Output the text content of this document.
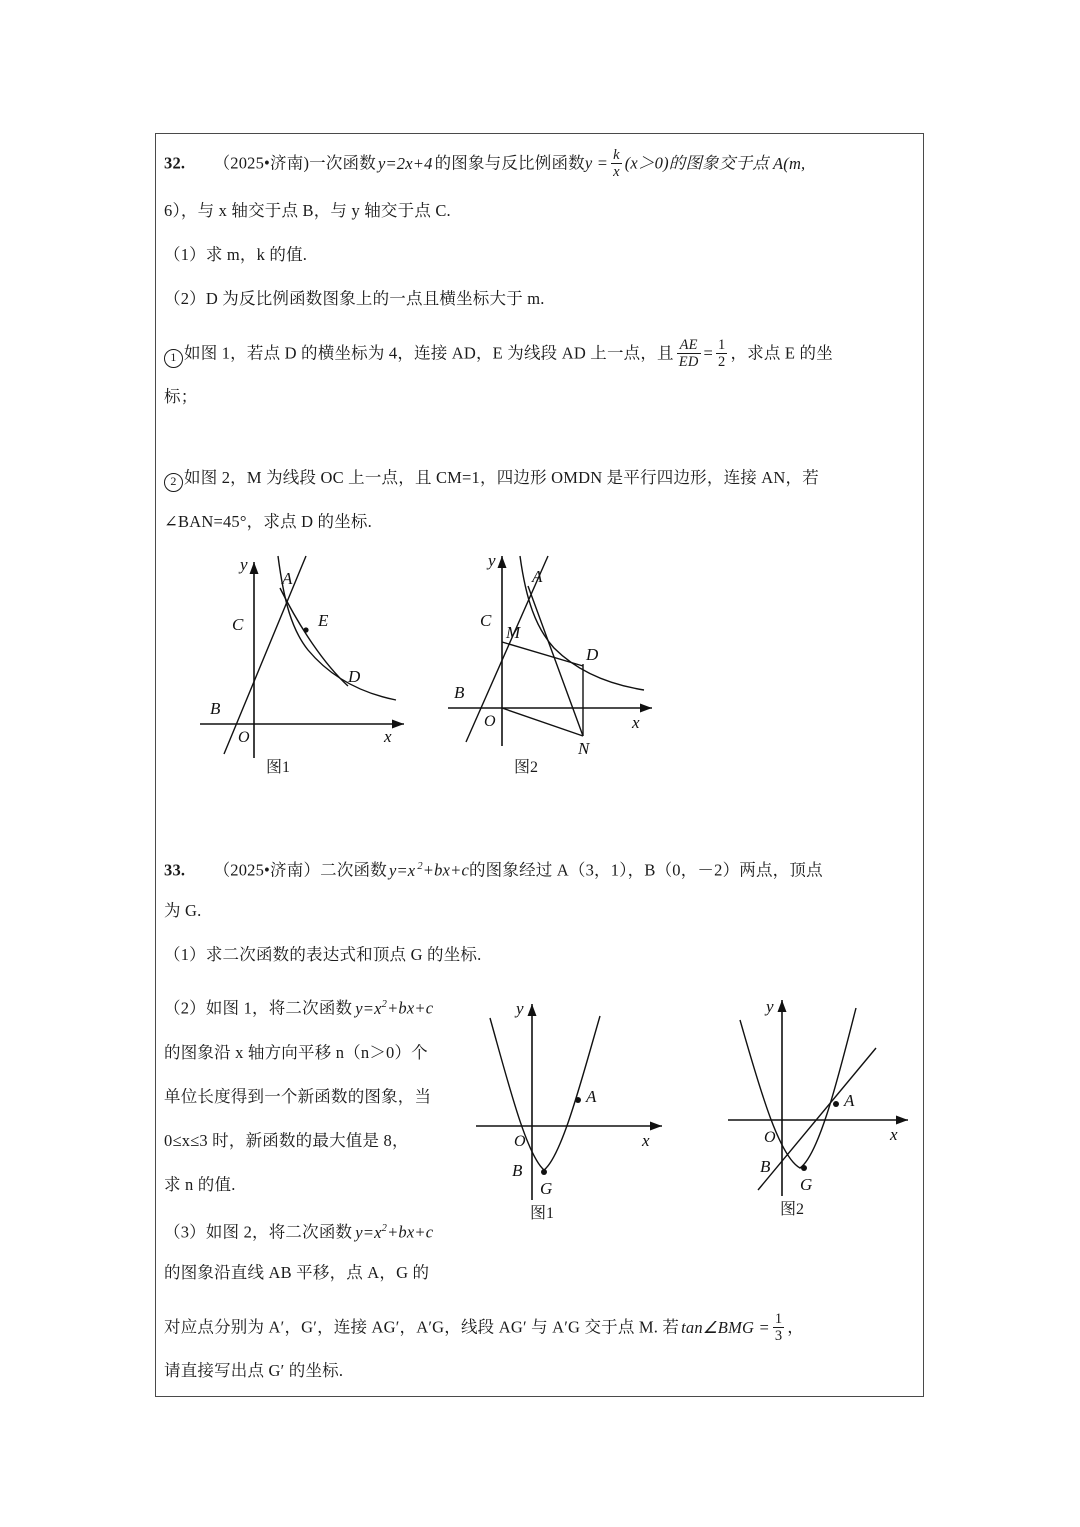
32. （2025•济南)一次函数 y=2x+4 的图象与反比例函数$y = \frac{k}{x} (x>0)$的图象交于点 A(m,
6），与 x 轴交于点 B，与 y 轴交于点 C.
（1）求 m，k 的值.
（2）D 为反比例函数图象上的一点且横坐标大于 m.
1 如图 1，若点 D 的横坐标为 4，连接 AD，E 为线段 AD 上一点，且 $\frac{AE}{ED} = \frac{1}{2}$ ，求点 E 的坐
标；
2 如图 2，M 为线段 OC 上一点，且 CM=1，四边形 OMDN 是平行四边形，连接 AN，若
∠BAN=45°，求点 D 的坐标.
y
x
O
A
B
C
D
E
图1
y
x
O
A
B
C
D
M
N
图2
33. （2025•济南）二次函数 y=x $^2$+bx+c的图象经过 A（3，1），B（0，－2）两点，顶点
为 G.
（1）求二次函数的表达式和顶点 G 的坐标.
（2）如图 1，将二次函数 $y=x^2+bx+c$
的图象沿 x 轴方向平移 n（n＞0）个
单位长度得到一个新函数的图象，当
0≤x≤3 时，新函数的最大值是 8，
求 n 的值.
（3）如图 2，将二次函数 $y=x^2+bx+c$
的图象沿直线 AB 平移，点 A，G 的
对应点分别为 A′，G′，连接 AG′，A′G，线段 AG′ 与 A′G 交于点 M. 若 tan∠BMG = $\frac{1}{3}$ ，
请直接写出点 G′ 的坐标.
y
x
O
A
B
G
图1
y
x
O
A
B
G
图2
